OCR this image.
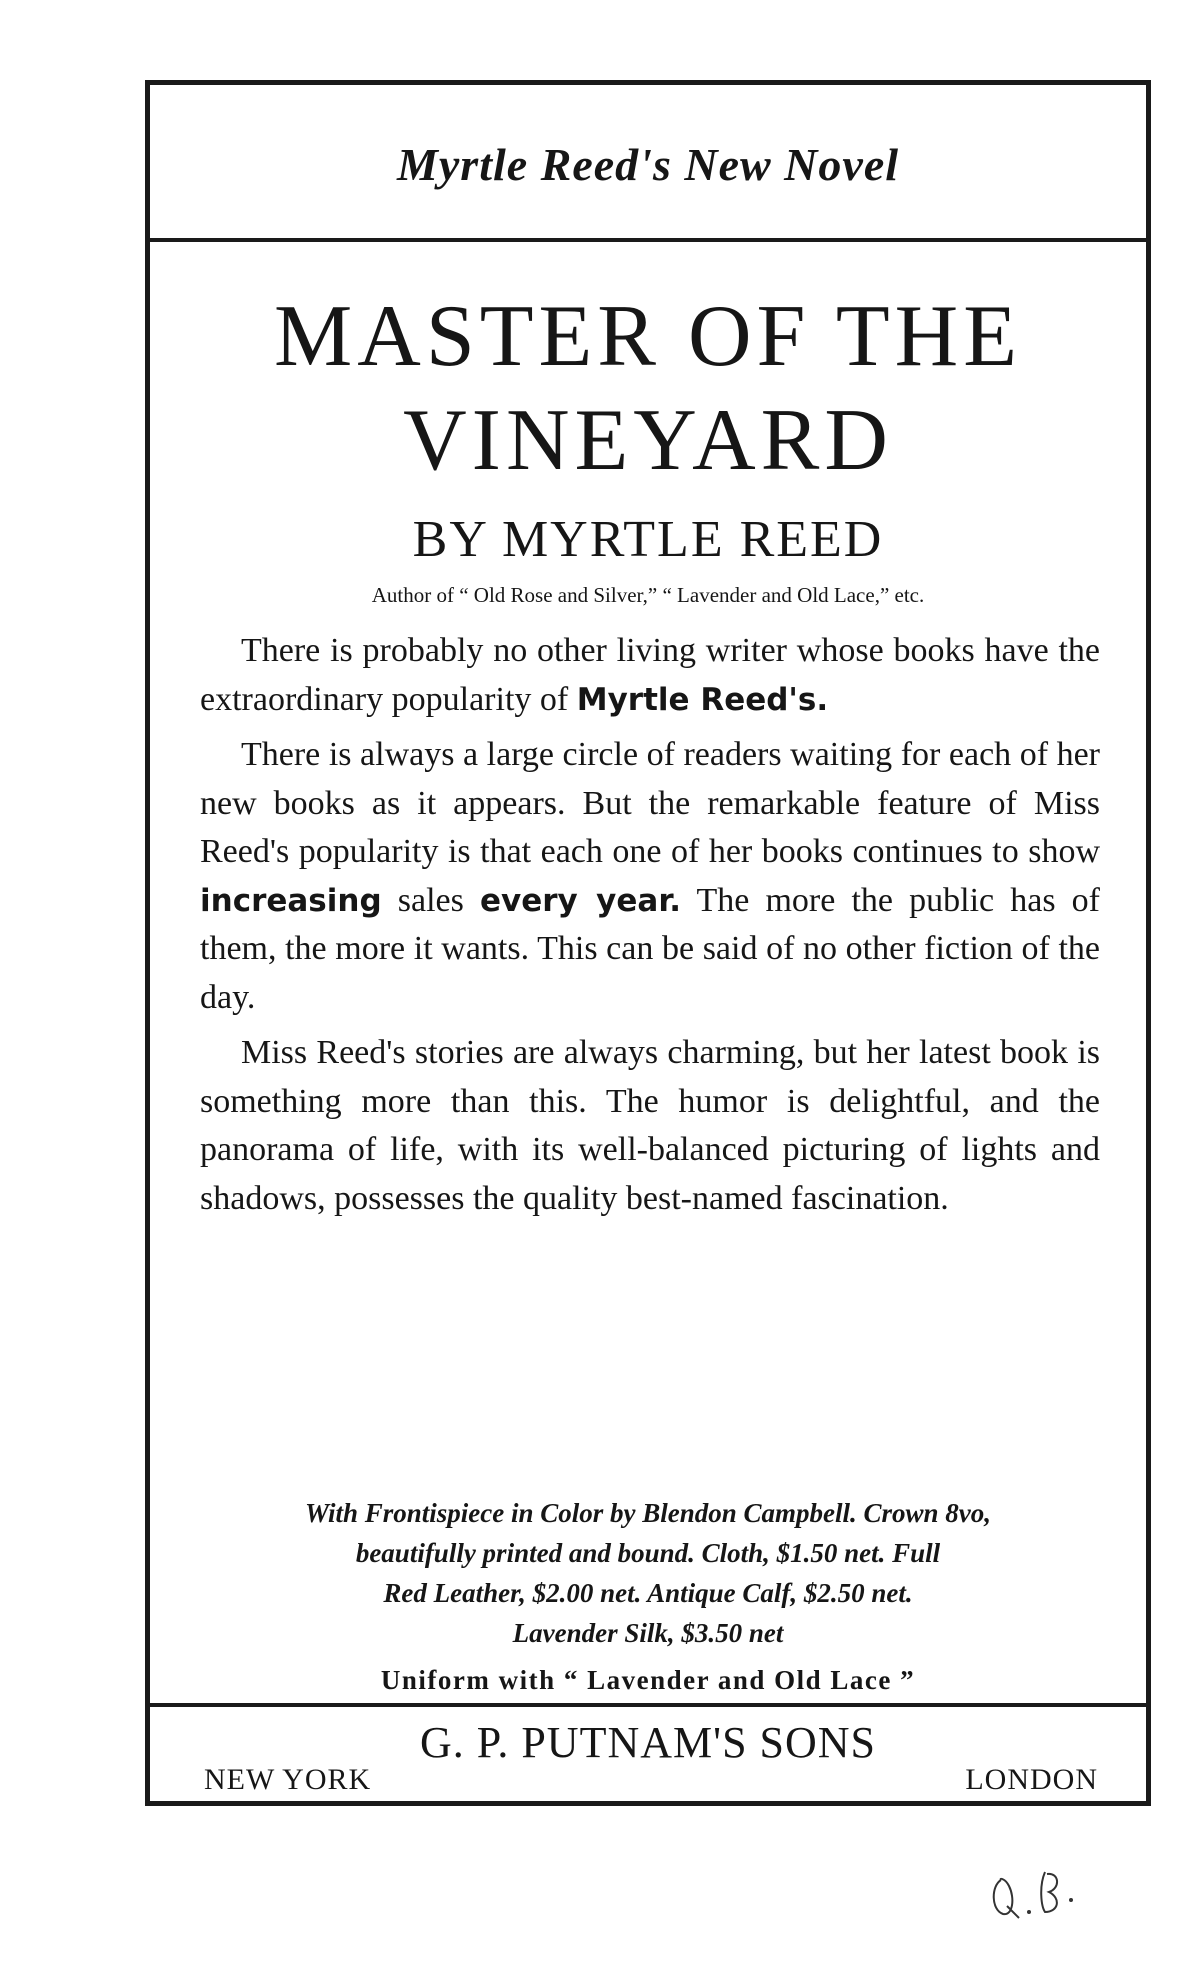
Myrtle Reed's New Novel
MASTER OF THE
VINEYARD
BY MYRTLE REED
Author of “ Old Rose and Silver,” “ Lavender and Old Lace,” etc.

There is probably no other living writer whose books have the extraordinary popularity of Myrtle Reed's.

There is always a large circle of readers waiting for each of her new books as it appears. But the remarkable feature of Miss Reed's popularity is that each one of her books continues to show increasing sales every year. The more the public has of them, the more it wants. This can be said of no other fiction of the day.

Miss Reed's stories are always charming, but her latest book is something more than this. The humor is delightful, and the panorama of life, with its well-balanced picturing of lights and shadows, possesses the quality best-named fascination.

With Frontispiece in Color by Blendon Campbell. Crown 8vo,
beautifully printed and bound. Cloth, $1.50 net. Full
Red Leather, $2.00 net. Antique Calf, $2.50 net.
Lavender Silk, $3.50 net
Uniform with “ Lavender and Old Lace ”
G. P. PUTNAM'S SONS
NEW YORK	LONDON
